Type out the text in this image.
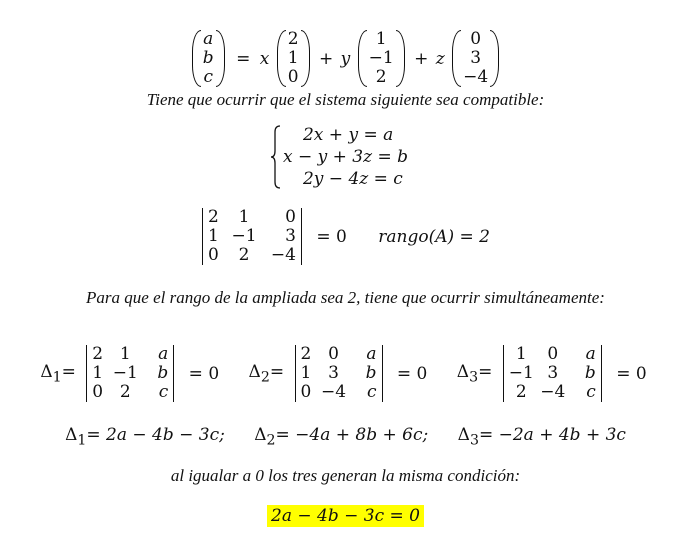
a
b
c
= x
2
1
0
+ y
1
−1
2
+ z
0
3
−4
Tiene que ocurrir que el sistema siguiente sea compatible:
2x + y = a
x − y + 3z = b
2y − 4z = c
2
1
0
1
−1
2
0
3
−4
= 0 rango(A) = 2
Para que el rango de la ampliada sea 2, tiene que ocurrir simultáneamente:
$\Delta_1=$
2
1
0
1
−1
2
a
b
c
= 0 $\Delta_2=$
2
1
0
0
3
−4
a
b
c
= 0 $\Delta_3=$
1
−1
2
0
3
−4
a
b
c
= 0
$\Delta_1= 2a - 4b - 3c$; $\Delta_2= -4a + 8b + 6c$; $\Delta_3= -2a + 4b + 3c$
al igualar a 0 los tres generan la misma condición:
2a − 4b − 3c = 0
